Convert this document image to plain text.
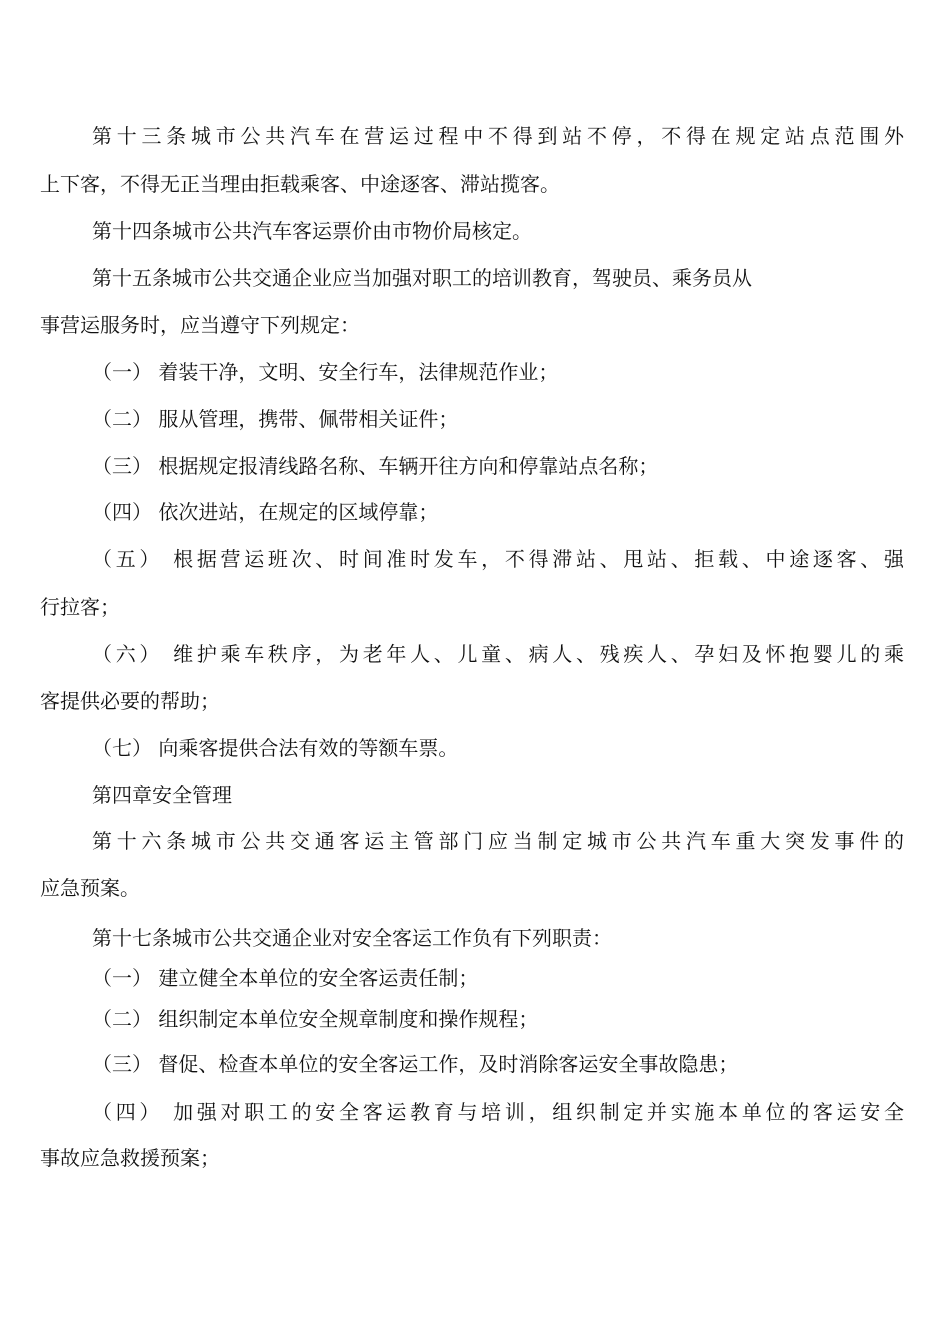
第十三条城市公共汽车在营运过程中不得到站不停，不得在规定站点范围外

上下客，不得无正当理由拒载乘客、中途逐客、滞站揽客。

第十四条城市公共汽车客运票价由市物价局核定。

第十五条城市公共交通企业应当加强对职工的培训教育，驾驶员、乘务员从

事营运服务时，应当遵守下列规定：

（一） 着装干净，文明、安全行车，法律规范作业；

（二） 服从管理，携带、佩带相关证件；

（三） 根据规定报清线路名称、车辆开往方向和停靠站点名称；

（四） 依次进站，在规定的区域停靠；

（五） 根据营运班次、时间准时发车，不得滞站、甩站、拒载、中途逐客、强

行拉客；

（六） 维护乘车秩序，为老年人、儿童、病人、残疾人、孕妇及怀抱婴儿的乘

客提供必要的帮助；

（七） 向乘客提供合法有效的等额车票。

第四章安全管理

第十六条城市公共交通客运主管部门应当制定城市公共汽车重大突发事件的

应急预案。

第十七条城市公共交通企业对安全客运工作负有下列职责：

（一） 建立健全本单位的安全客运责任制；

（二） 组织制定本单位安全规章制度和操作规程；

（三） 督促、检查本单位的安全客运工作，及时消除客运安全事故隐患；

（四） 加强对职工的安全客运教育与培训，组织制定并实施本单位的客运安全

事故应急救援预案；
